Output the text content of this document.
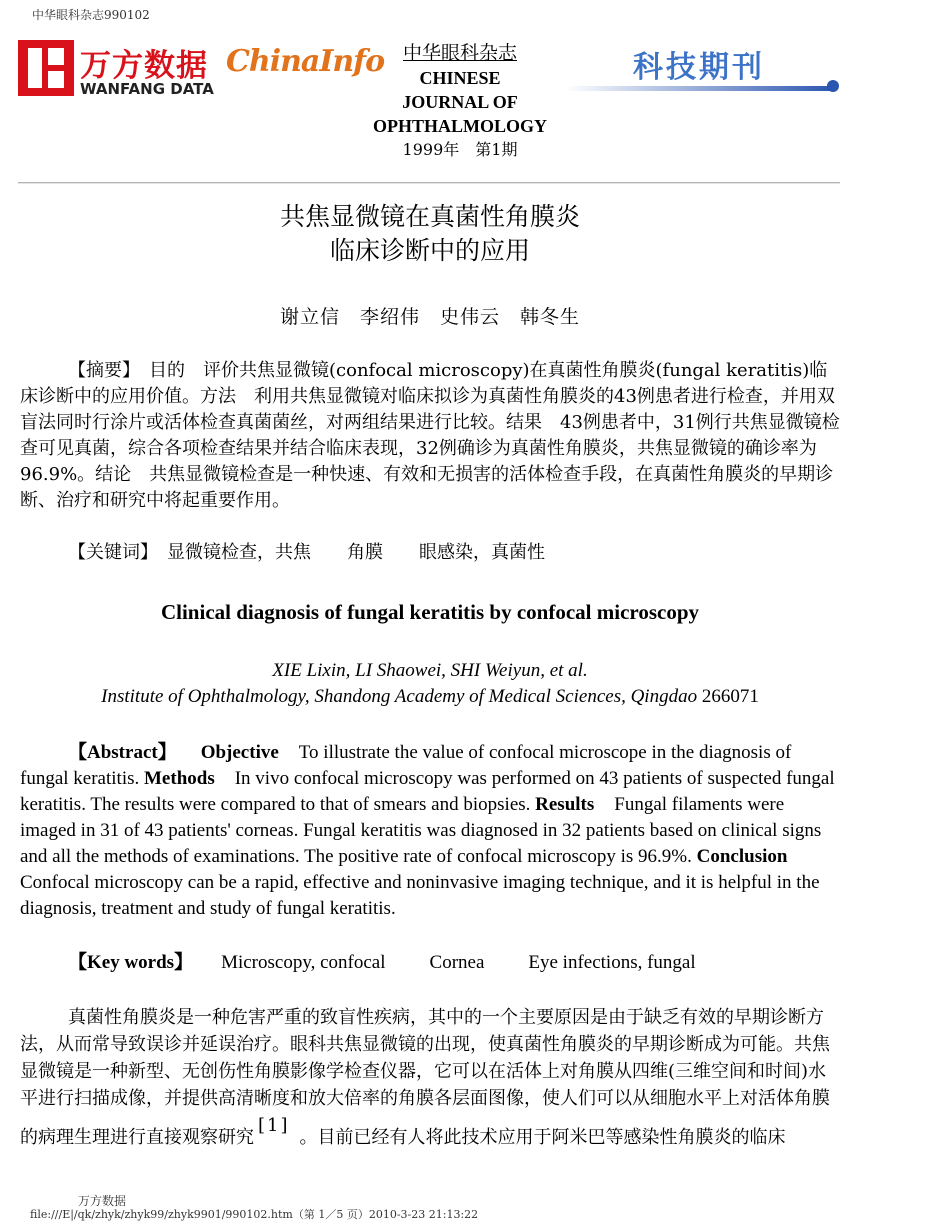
中华眼科杂志990102
万方数据
WANFANG DATA
ChinaInfo 中华眼科杂志
CHINESE
JOURNAL OF
OPHTHALMOLOGY
1999年　第1期
科技期刊
共焦显微镜在真菌性角膜炎
临床诊断中的应用
谢立信　李绍伟　史伟云　韩冬生
【摘要】　目的　评价共焦显微镜(confocal microscopy)在真菌性角膜炎(fungal keratitis)临床诊断中的应用价值。方法　利用共焦显微镜对临床拟诊为真菌性角膜炎的43例患者进行检查，并用双盲法同时行涂片或活体检查真菌菌丝，对两组结果进行比较。结果　43例患者中，31例行共焦显微镜检查可见真菌，综合各项检查结果并结合临床表现，32例确诊为真菌性角膜炎，共焦显微镜的确诊率为96.9%。结论　共焦显微镜检查是一种快速、有效和无损害的活体检查手段，在真菌性角膜炎的早期诊断、治疗和研究中将起重要作用。
【关键词】　显微镜检查，共焦　　角膜　　眼感染，真菌性
Clinical diagnosis of fungal keratitis by confocal microscopy
XIE Lixin, LI Shaowei, SHI Weiyun, et al.
Institute of Ophthalmology, Shandong Academy of Medical Sciences, Qingdao 266071
【Abstract】 Objective To illustrate the value of confocal microscope in the diagnosis of fungal keratitis. Methods In vivo confocal microscopy was performed on 43 patients of suspected fungal keratitis. The results were compared to that of smears and biopsies. Results Fungal filaments were imaged in 31 of 43 patients' corneas. Fungal keratitis was diagnosed in 32 patients based on clinical signs and all the methods of examinations. The positive rate of confocal microscopy is 96.9%. ConclusionConfocal microscopy can be a rapid, effective and noninvasive imaging technique, and it is helpful in the diagnosis, treatment and study of fungal keratitis.
【Key words】 Microscopy, confocal Cornea Eye infections, fungal
真菌性角膜炎是一种危害严重的致盲性疾病，其中的一个主要原因是由于缺乏有效的早期诊断方法，从而常导致误诊并延误治疗。眼科共焦显微镜的出现，使真菌性角膜炎的早期诊断成为可能。共焦显微镜是一种新型、无创伤性角膜影像学检查仪器，它可以在活体上对角膜从四维(三维空间和时间)水平进行扫描成像，并提供高清晰度和放大倍率的角膜各层面图像，使人们可以从细胞水平上对活体角膜的病理生理进行直接观察研究[1]。目前已经有人将此技术应用于阿米巴等感染性角膜炎的临床
万方数据
file:///E|/qk/zhyk/zhyk99/zhyk9901/990102.htm（第 1／5 页）2010-3-23 21:13:22
